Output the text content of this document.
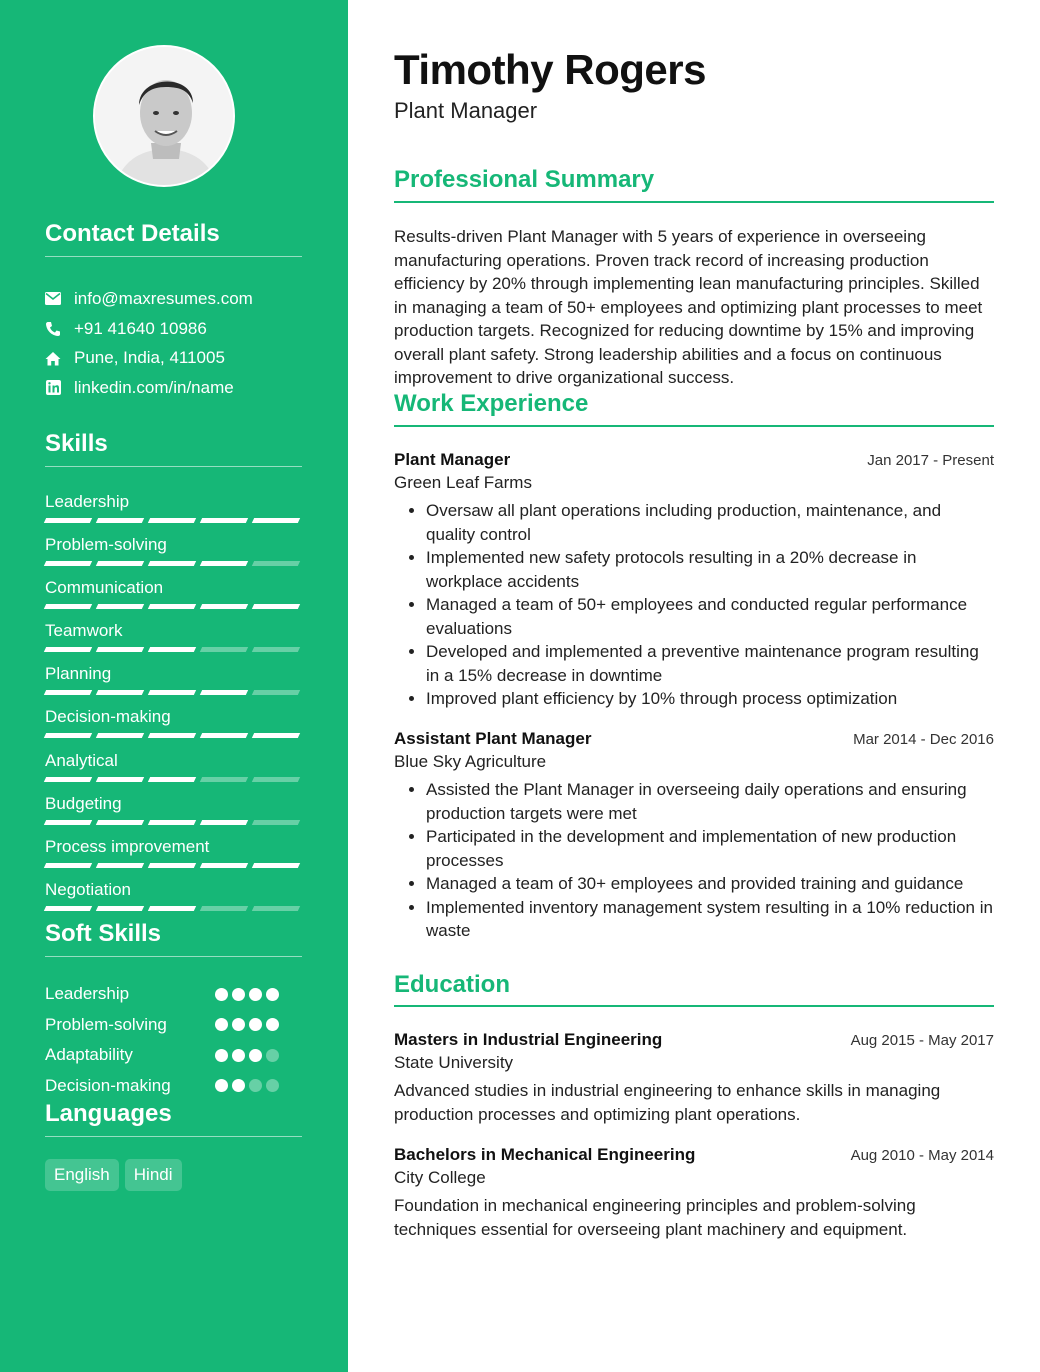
Contact Details
info@maxresumes.com
+91 41640 10986
Pune, India, 411005
linkedin.com/in/name
Skills
Leadership
Problem-solving
Communication
Teamwork
Planning
Decision-making
Analytical
Budgeting
Process improvement
Negotiation
Soft Skills
Leadership
Problem-solving
Adaptability
Decision-making
Languages
English	Hindi
Timothy Rogers
Plant Manager
Professional Summary

Results-driven Plant Manager with 5 years of experience in overseeing manufacturing operations. Proven track record of increasing production efficiency by 20% through implementing lean manufacturing principles. Skilled in managing a team of 50+ employees and optimizing plant processes to meet production targets. Recognized for reducing downtime by 15% and improving overall plant safety. Strong leadership abilities and a focus on continuous improvement to drive organizational success.

Work Experience
Plant Manager	Jan 2017 - Present
Green Leaf Farms
• Oversaw all plant operations including production, maintenance, and quality control
• Implemented new safety protocols resulting in a 20% decrease in workplace accidents
• Managed a team of 50+ employees and conducted regular performance evaluations
• Developed and implemented a preventive maintenance program resulting in a 15% decrease in downtime
• Improved plant efficiency by 10% through process optimization
Assistant Plant Manager	Mar 2014 - Dec 2016
Blue Sky Agriculture
• Assisted the Plant Manager in overseeing daily operations and ensuring production targets were met
• Participated in the development and implementation of new production processes
• Managed a team of 30+ employees and provided training and guidance
• Implemented inventory management system resulting in a 10% reduction in waste
Education
Masters in Industrial Engineering	Aug 2015 - May 2017
State University

Advanced studies in industrial engineering to enhance skills in managing production processes and optimizing plant operations.

Bachelors in Mechanical Engineering	Aug 2010 - May 2014
City College

Foundation in mechanical engineering principles and problem-solving techniques essential for overseeing plant machinery and equipment.
